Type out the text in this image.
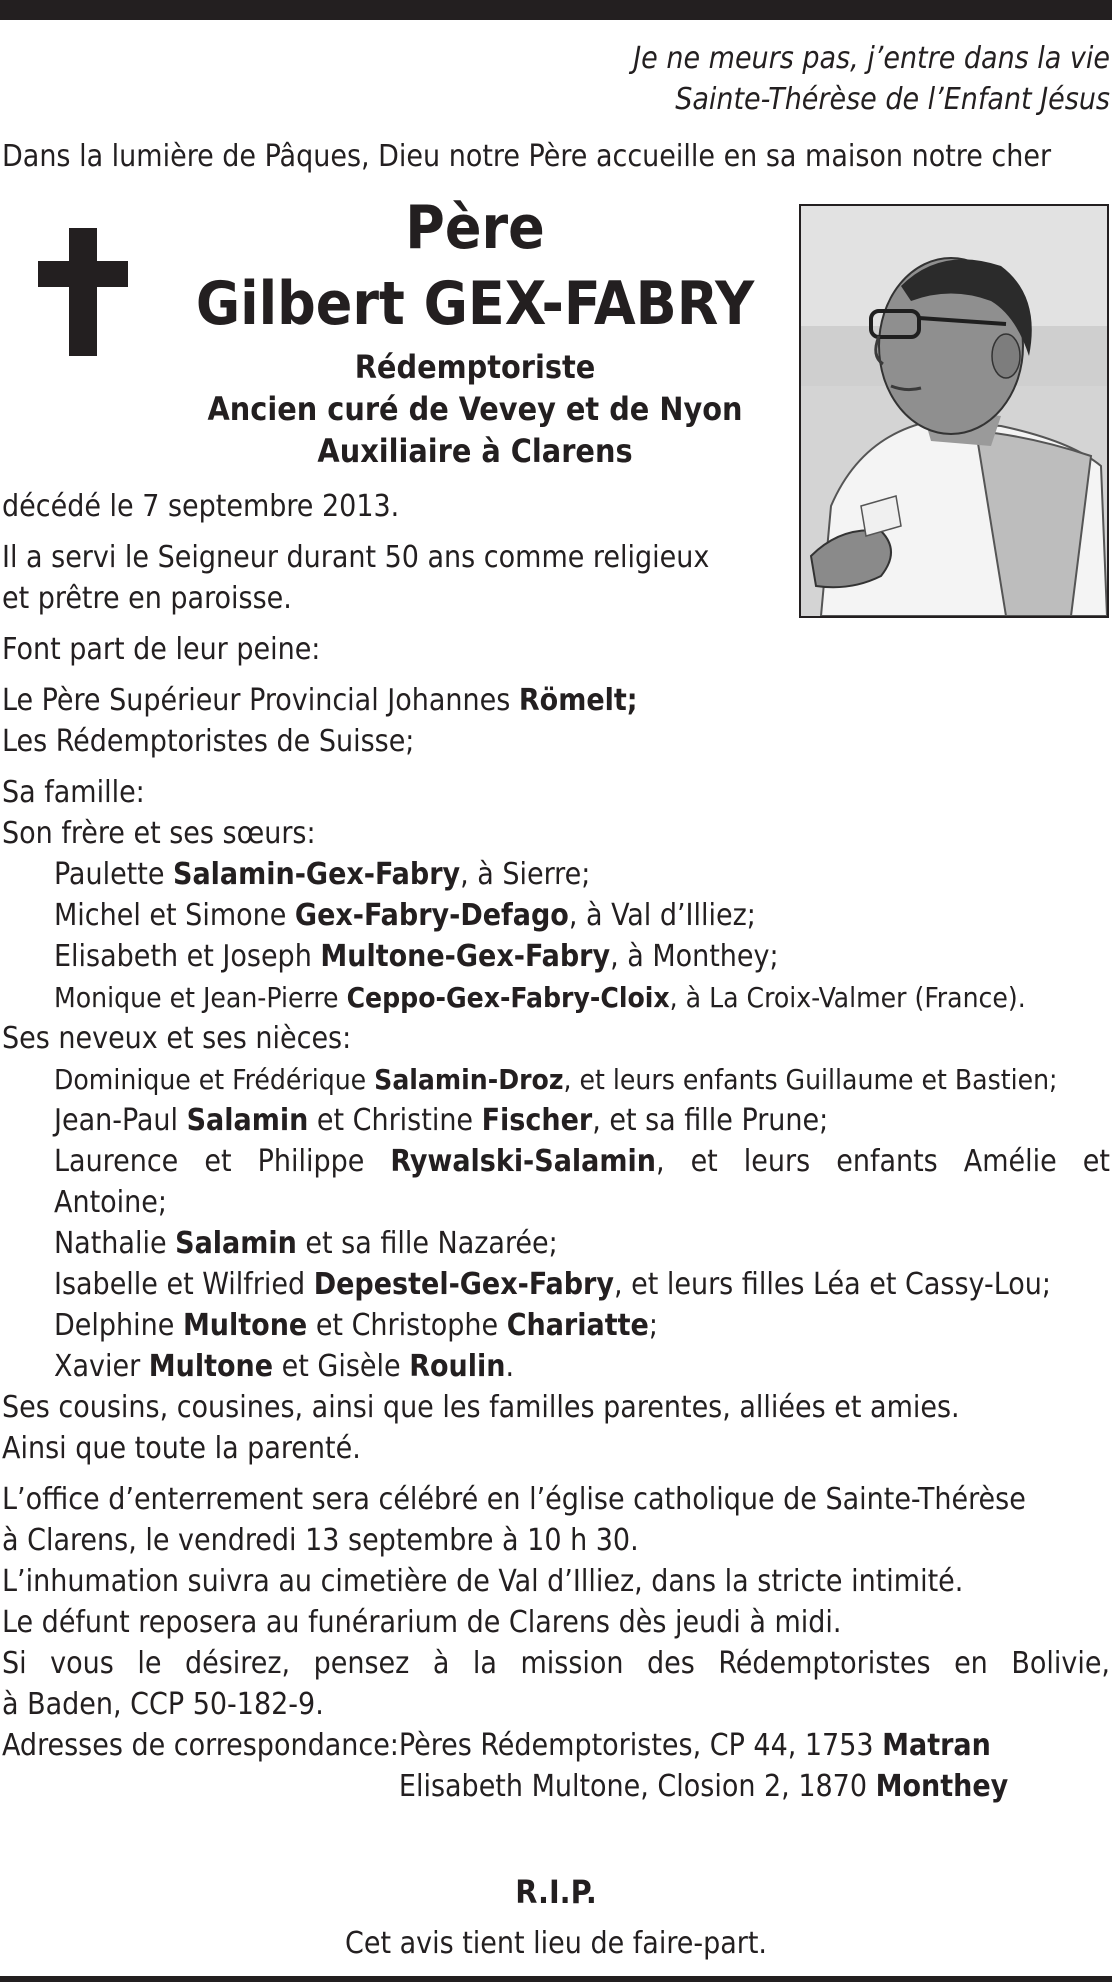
Je ne meurs pas, j’entre dans la vie
Sainte-Thérèse de l’Enfant Jésus
Dans la lumière de Pâques, Dieu notre Père accueille en sa maison notre cher
Père
Gilbert GEX-FABRY
Rédemptoriste
Ancien curé de Vevey et de Nyon
Auxiliaire à Clarens

décédé le 7 septembre 2013.

Il a servi le Seigneur durant 50 ans comme religieux

et prêtre en paroisse.

Font part de leur peine:

Le Père Supérieur Provincial Johannes Römelt;

Les Rédemptoristes de Suisse;

Sa famille:

Son frère et ses sœurs:

Paulette Salamin-Gex-Fabry, à Sierre;

Michel et Simone Gex-Fabry-Defago, à Val d’Illiez;

Elisabeth et Joseph Multone-Gex-Fabry, à Monthey;

Monique et Jean-Pierre Ceppo-Gex-Fabry-Cloix, à La Croix-Valmer (France).

Ses neveux et ses nièces:

Dominique et Frédérique Salamin-Droz, et leurs enfants Guillaume et Bastien;

Jean-Paul Salamin et Christine Fischer, et sa fille Prune;

Laurence et Philippe Rywalski-Salamin, et leurs enfants Amélie et

Antoine;

Nathalie Salamin et sa fille Nazarée;

Isabelle et Wilfried Depestel-Gex-Fabry, et leurs filles Léa et Cassy-Lou;

Delphine Multone et Christophe Chariatte;

Xavier Multone et Gisèle Roulin.

Ses cousins, cousines, ainsi que les familles parentes, alliées et amies.

Ainsi que toute la parenté.

L’office d’enterrement sera célébré en l’église catholique de Sainte-Thérèse

à Clarens, le vendredi 13 septembre à 10 h 30.

L’inhumation suivra au cimetière de Val d’Illiez, dans la stricte intimité.

Le défunt reposera au funérarium de Clarens dès jeudi à midi.

Si vous le désirez, pensez à la mission des Rédemptoristes en Bolivie,

à Baden, CCP 50-182-9.

Adresses de correspondance: Pères Rédemptoristes, CP 44, 1753 Matran
Elisabeth Multone, Closion 2, 1870 Monthey
R.I.P.
Cet avis tient lieu de faire-part.
